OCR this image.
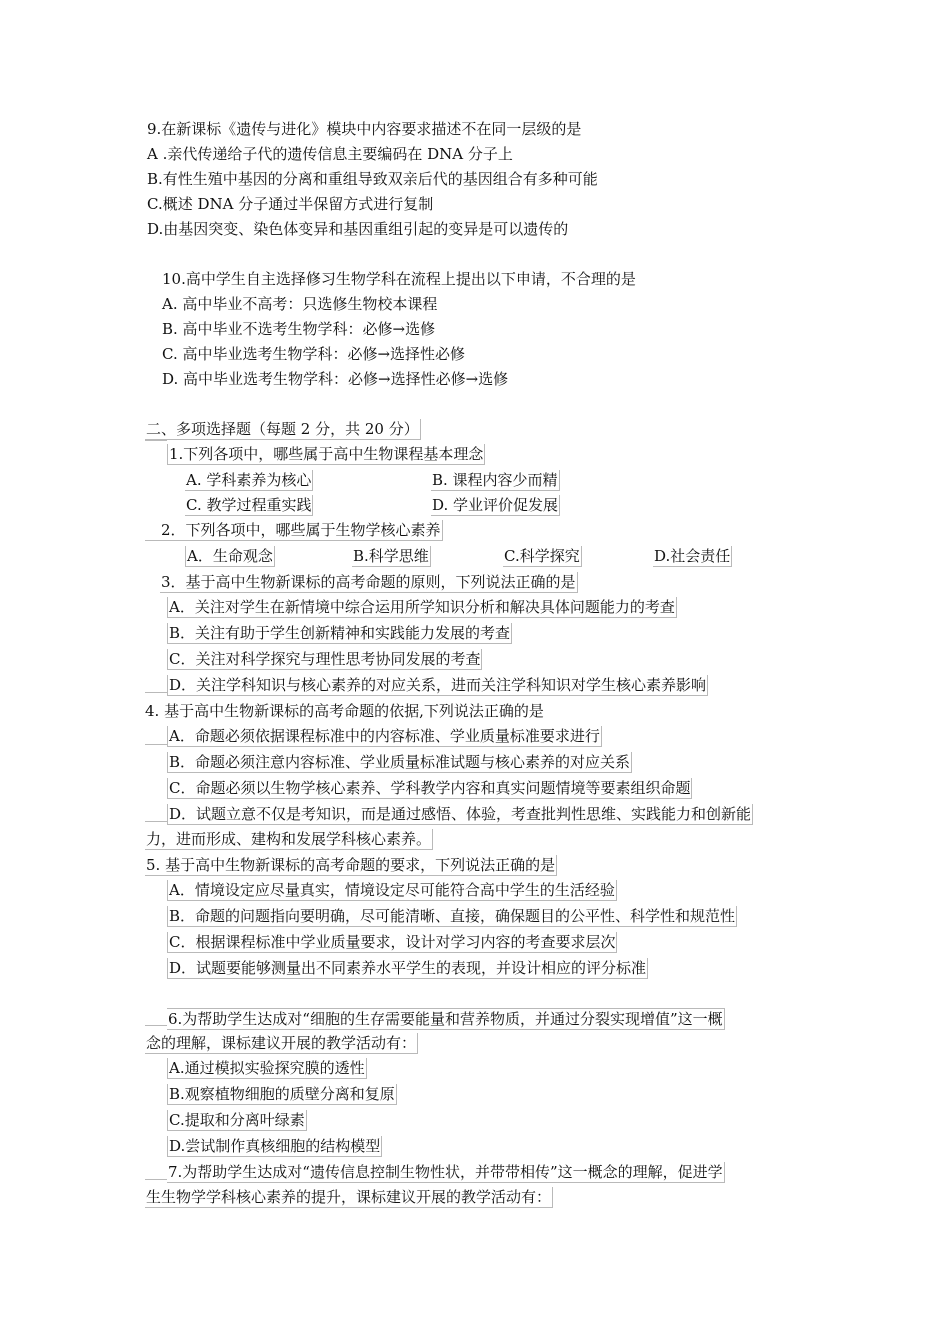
9.在新课标《遗传与进化》模块中内容要求描述不在同一层级的是
A .亲代传递给子代的遗传信息主要编码在 DNA 分子上
B.有性生殖中基因的分离和重组导致双亲后代的基因组合有多种可能
C.概述 DNA 分子通过半保留方式进行复制
D.由基因突变、染色体变异和基因重组引起的变异是可以遗传的
10.高中学生自主选择修习生物学科在流程上提出以下申请，不合理的是
A. 高中毕业不高考：只选修生物校本课程
B. 高中毕业不选考生物学科：必修→选修
C. 高中毕业选考生物学科：必修→选择性必修
D. 高中毕业选考生物学科：必修→选择性必修→选修
二、多项选择题（每题 2 分，共 20 分）
1.下列各项中，哪些属于高中生物课程基本理念
A. 学科素养为核心	B. 课程内容少而精
C. 教学过程重实践	D. 学业评价促发展
2．下列各项中，哪些属于生物学核心素养
A．生命观念	B.科学思维	C.科学探究	D.社会责任
3．基于高中生物新课标的高考命题的原则，下列说法正确的是
A．关注对学生在新情境中综合运用所学知识分析和解决具体问题能力的考查
B．关注有助于学生创新精神和实践能力发展的考查
C．关注对科学探究与理性思考协同发展的考查
D．关注学科知识与核心素养的对应关系，进而关注学科知识对学生核心素养影响
4. 基于高中生物新课标的高考命题的依据,下列说法正确的是
A．命题必须依据课程标准中的内容标准、学业质量标准要求进行
B．命题必须注意内容标准、学业质量标准试题与核心素养的对应关系
C．命题必须以生物学核心素养、学科教学内容和真实问题情境等要素组织命题
D．试题立意不仅是考知识，而是通过感悟、体验，考查批判性思维、实践能力和创新能
力，进而形成、建构和发展学科核心素养。
5. 基于高中生物新课标的高考命题的要求，下列说法正确的是
A．情境设定应尽量真实，情境设定尽可能符合高中学生的生活经验
B．命题的问题指向要明确，尽可能清晰、直接，确保题目的公平性、科学性和规范性
C．根据课程标准中学业质量要求，设计对学习内容的考查要求层次
D．试题要能够测量出不同素养水平学生的表现，并设计相应的评分标准
6.为帮助学生达成对“细胞的生存需要能量和营养物质，并通过分裂实现增值”这一概
念的理解，课标建议开展的教学活动有：
A.通过模拟实验探究膜的透性
B.观察植物细胞的质壁分离和复原
C.提取和分离叶绿素
D.尝试制作真核细胞的结构模型
7.为帮助学生达成对“遗传信息控制生物性状，并带带相传”这一概念的理解，促进学
生生物学学科核心素养的提升，课标建议开展的教学活动有：
